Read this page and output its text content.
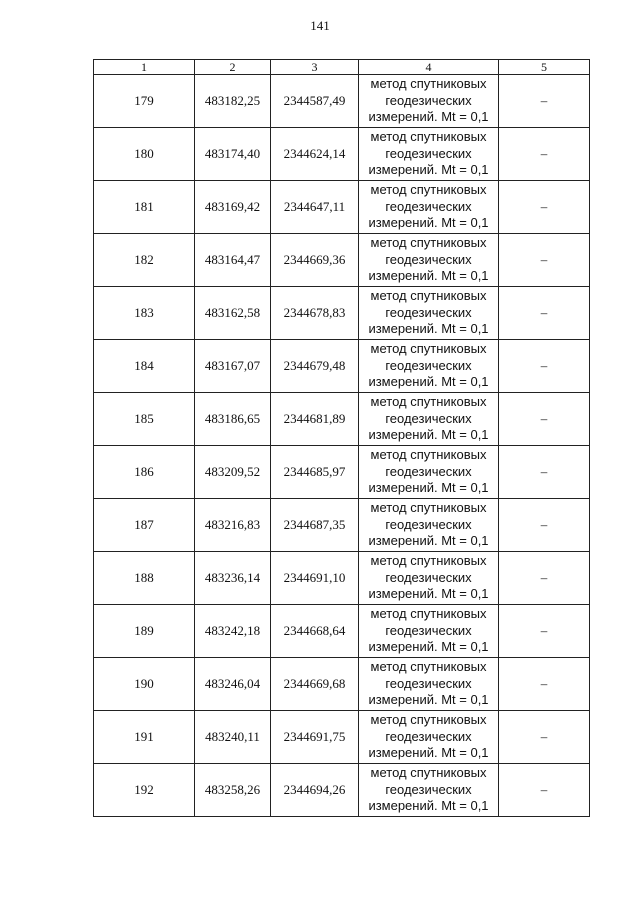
141
1	2	3	4	5
179	483182,25	2344587,49	метод спутниковых
геодезических
измерений. Mt = 0,1	–
180	483174,40	2344624,14	метод спутниковых
геодезических
измерений. Mt = 0,1	–
181	483169,42	2344647,11	метод спутниковых
геодезических
измерений. Mt = 0,1	–
182	483164,47	2344669,36	метод спутниковых
геодезических
измерений. Mt = 0,1	–
183	483162,58	2344678,83	метод спутниковых
геодезических
измерений. Mt = 0,1	–
184	483167,07	2344679,48	метод спутниковых
геодезических
измерений. Mt = 0,1	–
185	483186,65	2344681,89	метод спутниковых
геодезических
измерений. Mt = 0,1	–
186	483209,52	2344685,97	метод спутниковых
геодезических
измерений. Mt = 0,1	–
187	483216,83	2344687,35	метод спутниковых
геодезических
измерений. Mt = 0,1	–
188	483236,14	2344691,10	метод спутниковых
геодезических
измерений. Mt = 0,1	–
189	483242,18	2344668,64	метод спутниковых
геодезических
измерений. Mt = 0,1	–
190	483246,04	2344669,68	метод спутниковых
геодезических
измерений. Mt = 0,1	–
191	483240,11	2344691,75	метод спутниковых
геодезических
измерений. Mt = 0,1	–
192	483258,26	2344694,26	метод спутниковых
геодезических
измерений. Mt = 0,1	–
